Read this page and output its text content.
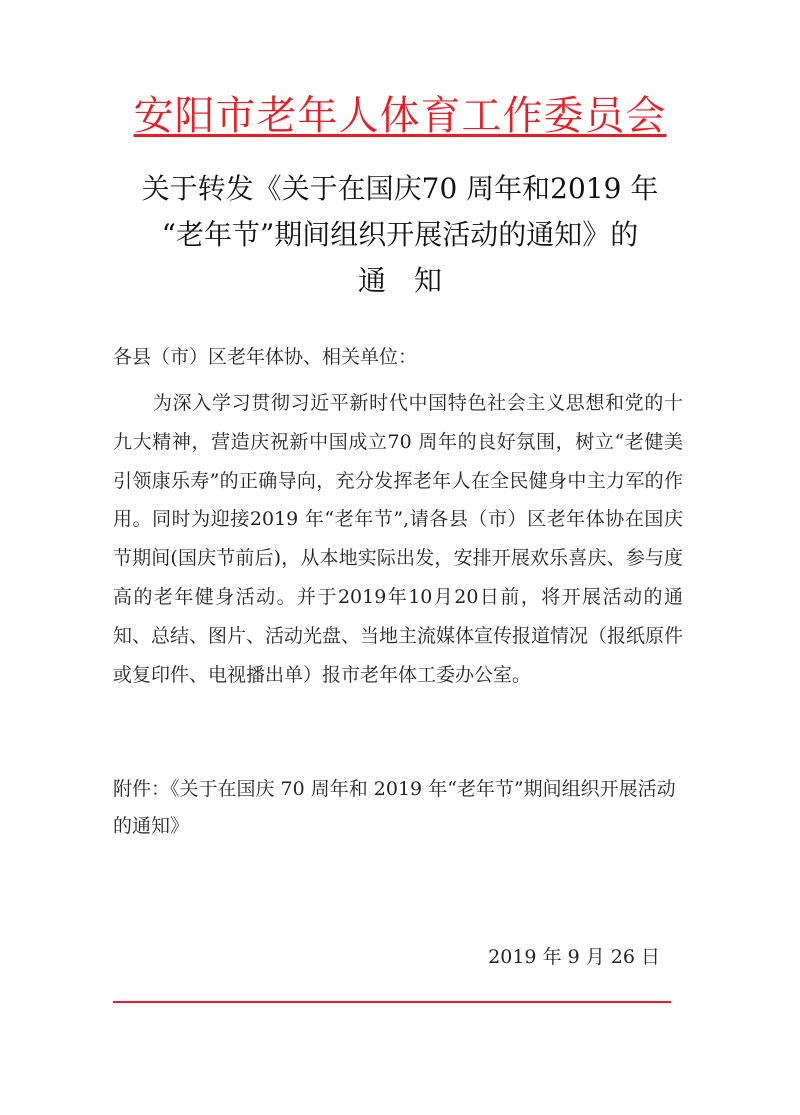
安阳市老年人体育工作委员会
关于转发《关于在国庆70 周年和2019 年
“老年节”期间组织开展活动的通知》的
通知
各县（市）区老年体协、相关单位：
为深入学习贯彻习近平新时代中国特色社会主义思想和党的十九大精神，营造庆祝新中国成立70 周年的良好氛围，树立“老健美引领康乐寿”的正确导向，充分发挥老年人在全民健身中主力军的作用。同时为迎接2019 年“老年节”,请各县（市）区老年体协在国庆节期间(国庆节前后)，从本地实际出发，安排开展欢乐喜庆、参与度高的老年健身活动。并于2019年10月20日前，将开展活动的通知、总结、图片、活动光盘、当地主流媒体宣传报道情况（报纸原件或复印件、电视播出单）报市老年体工委办公室。
附件：《关于在国庆 70 周年和 2019 年“老年节”期间组织开展活动的通知》
2019 年 9 月 26 日
